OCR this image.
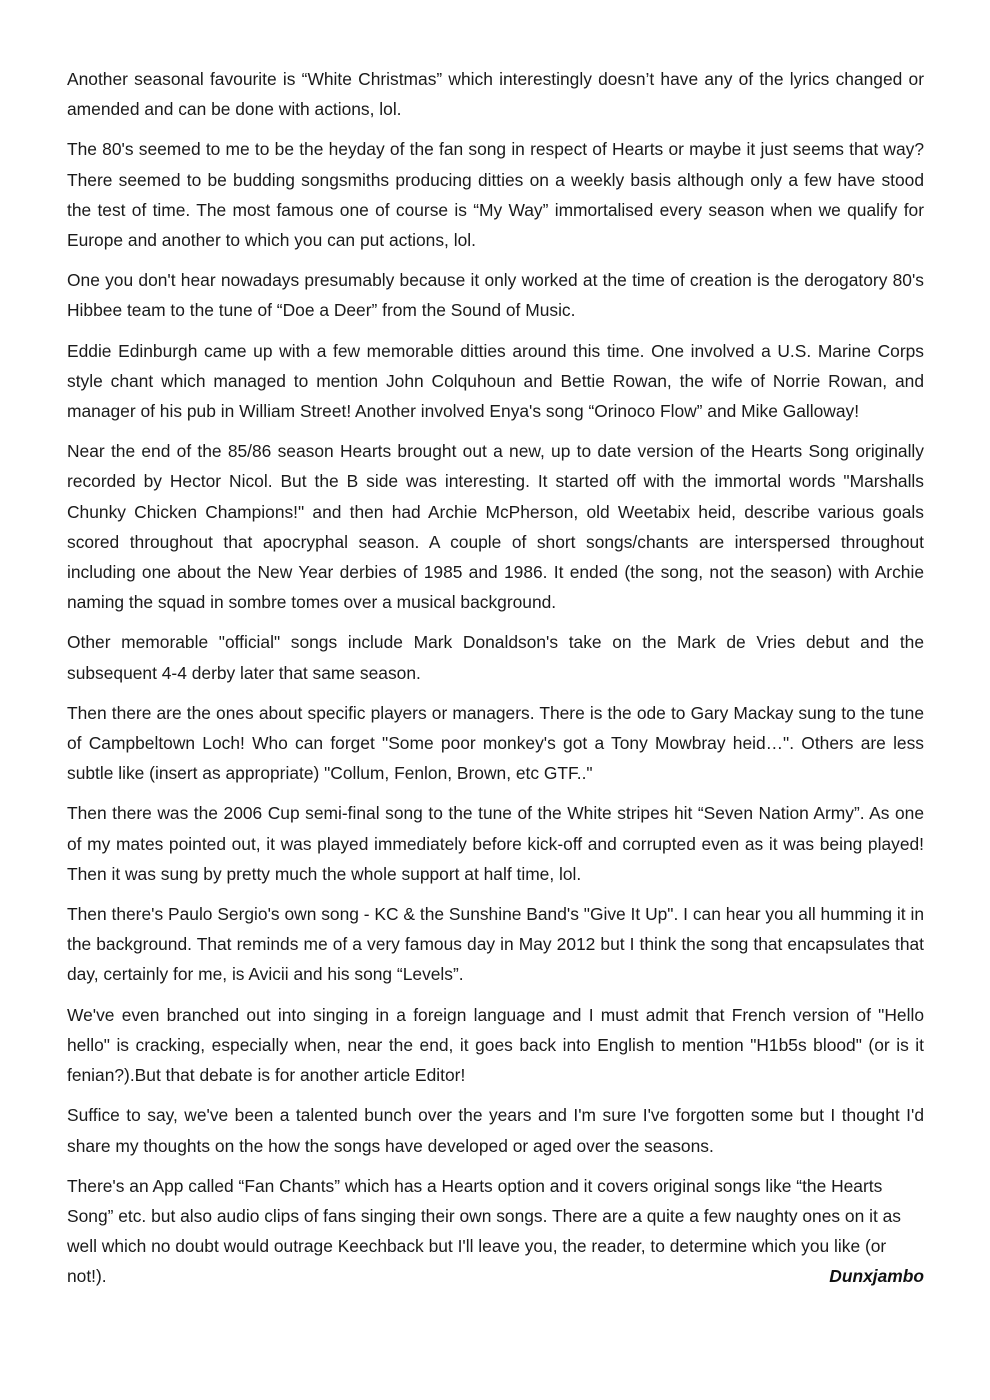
Another seasonal favourite is “White Christmas” which interestingly doesn’t have any of the lyrics changed or amended and can be done with actions, lol.

The 80's seemed to me to be the heyday of the fan song in respect of Hearts or maybe it just seems that way? There seemed to be budding songsmiths producing ditties on a weekly basis although only a few have stood the test of time. The most famous one of course is “My Way” immortalised every season when we qualify for Europe and another to which you can put actions, lol.

One you don't hear nowadays presumably because it only worked at the time of creation is the derogatory 80's Hibbee team to the tune of “Doe a Deer” from the Sound of Music.

Eddie Edinburgh came up with a few memorable ditties around this time. One involved a U.S. Marine Corps style chant which managed to mention John Colquhoun and Bettie Rowan, the wife of Norrie Rowan, and manager of his pub in William Street! Another involved Enya's song “Orinoco Flow” and Mike Galloway!

Near the end of the 85/86 season Hearts brought out a new, up to date version of the Hearts Song originally recorded by Hector Nicol. But the B side was interesting. It started off with the immortal words "Marshalls Chunky Chicken Champions!" and then had Archie McPherson, old Weetabix heid, describe various goals scored throughout that apocryphal season. A couple of short songs/chants are interspersed throughout including one about the New Year derbies of 1985 and 1986. It ended (the song, not the season) with Archie naming the squad in sombre tomes over a musical background.

Other memorable "official" songs include Mark Donaldson's take on the Mark de Vries debut and the subsequent 4-4 derby later that same season.

Then there are the ones about specific players or managers. There is the ode to Gary Mackay sung to the tune of Campbeltown Loch! Who can forget "Some poor monkey's got a Tony Mowbray heid…". Others are less subtle like (insert as appropriate) "Collum, Fenlon, Brown, etc GTF.."

Then there was the 2006 Cup semi-final song to the tune of the White stripes hit “Seven Nation Army”. As one of my mates pointed out, it was played immediately before kick-off and corrupted even as it was being played! Then it was sung by pretty much the whole support at half time, lol.

Then there's Paulo Sergio's own song - KC & the Sunshine Band's "Give It Up". I can hear you all humming it in the background. That reminds me of a very famous day in May 2012 but I think the song that encapsulates that day, certainly for me, is Avicii and his song “Levels”.

We've even branched out into singing in a foreign language and I must admit that French version of "Hello hello" is cracking, especially when, near the end, it goes back into English to mention "H1b5s blood" (or is it fenian?).But that debate is for another article Editor!

Suffice to say, we've been a talented bunch over the years and I'm sure I've forgotten some but I thought I'd share my thoughts on the how the songs have developed or aged over the seasons.

There's an App called “Fan Chants” which has a Hearts option and it covers original songs like “the Hearts Song” etc. but also audio clips of fans singing their own songs. There are a quite a few naughty ones on it as well which no doubt would outrage Keechback but I'll leave you, the reader, to determine which you like (or not!).	Dunxjambo
